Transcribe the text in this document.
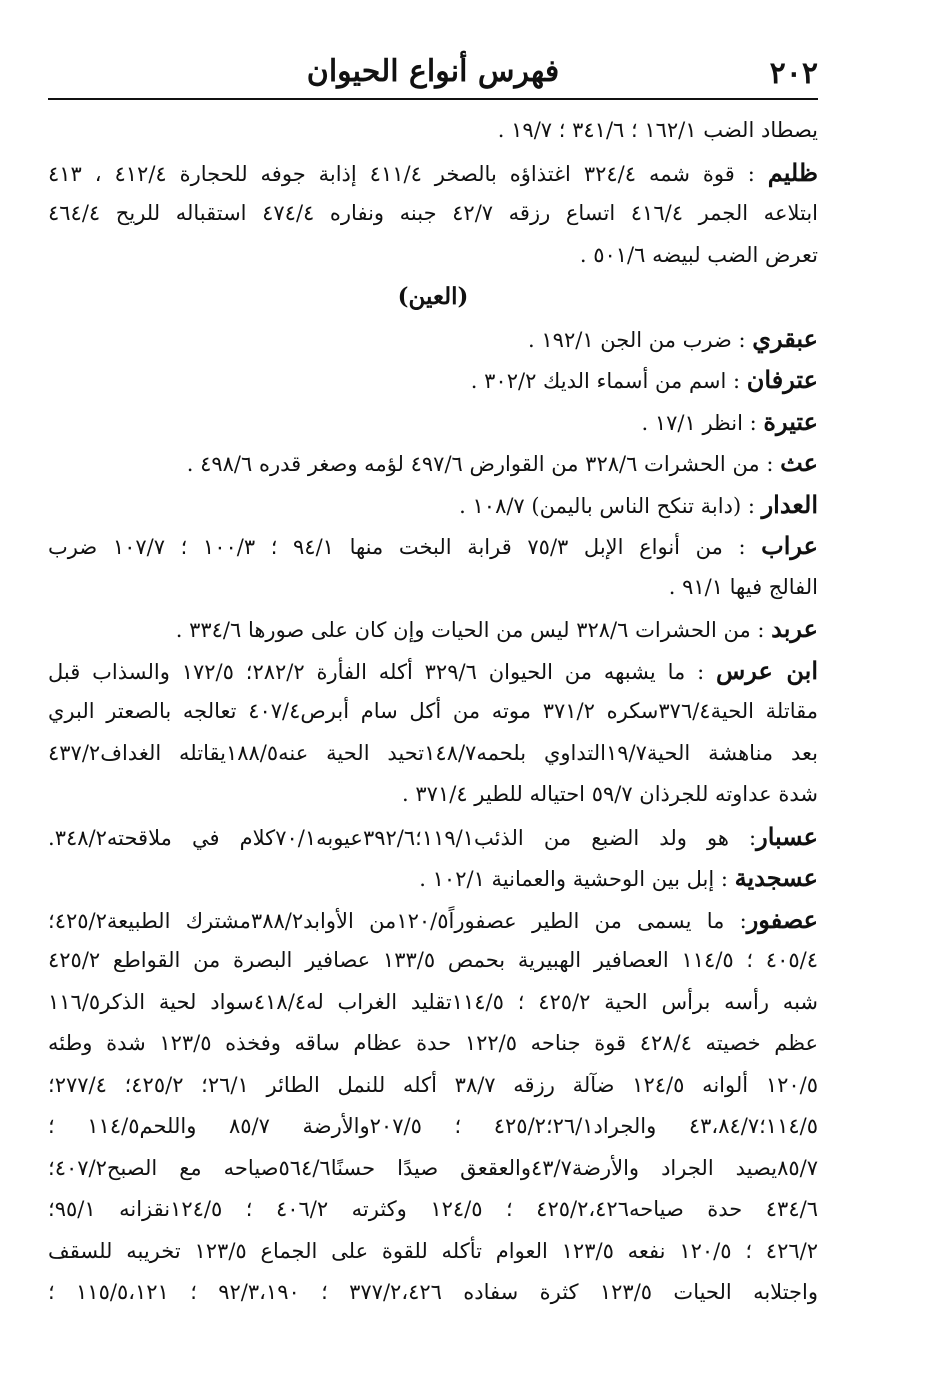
٢٠٢
فهرس أنواع الحيوان
يصطاد الضب ١٦٢/١ ؛ ٣٤١/٦ ؛ ١٩/٧ .
ظليم : قوة شمه ٣٢٤/٤ اغتذاؤه بالصخر ٤١١/٤ إذابة جوفه للحجارة ٤١٢/٤ ، ٤١٣
ابتلاعه الجمر ٤١٦/٤ اتساع رزقه ٤٢/٧ جبنه ونفاره ٤٧٤/٤ استقباله للريح ٤٦٤/٤
تعرض الضب لبيضه ٥٠١/٦ .
(العين)
عبقري : ضرب من الجن ١٩٢/١ .
عترفان : اسم من أسماء الديك ٣٠٢/٢ .
عتيرة : انظر ١٧/١ .
عث : من الحشرات ٣٢٨/٦ من القوارض ٤٩٧/٦ لؤمه وصغر قدره ٤٩٨/٦ .
العدار : (دابة تنكح الناس باليمن) ١٠٨/٧ .
عراب : من أنواع الإبل ٧٥/٣ قرابة البخت منها ٩٤/١ ؛ ١٠٠/٣ ؛ ١٠٧/٧ ضرب
الفالج فيها ٩١/١ .
عربد : من الحشرات ٣٢٨/٦ ليس من الحيات وإن كان على صورها ٣٣٤/٦ .
ابن عرس : ما يشبهه من الحيوان ٣٢٩/٦ أكله الفأرة ٢٨٢/٢؛ ١٧٢/٥ والسذاب قبل
مقاتلة الحية٣٧٦/٤سكره ٣٧١/٢ موته من أكل سام أبرص٤٠٧/٤ تعالجه بالصعتر البري
بعد مناهشة الحية١٩/٧التداوي بلحمه١٤٨/٧تحيد الحية عنه١٨٨/٥يقاتله الغداف٤٣٧/٢
شدة عداوته للجرذان ٥٩/٧ احتياله للطير ٣٧١/٤ .
عسبار: هو ولد الضبع من الذئب١١٩/١؛٣٩٢/٦عيوبه٧٠/١كلام في ملاقحته٣٤٨/٢.
عسجدية : إبل بين الوحشية والعمانية ١٠٢/١ .
عصفور: ما يسمى من الطير عصفوراً١٢٠/٥من الأوابد٣٨٨/٢مشترك الطبيعة٤٢٥/٢؛
٤٠٥/٤ ؛ ١١٤/٥ العصافير الهبيرية بحمص ١٣٣/٥ عصافير البصرة من القواطع ٤٢٥/٢
شبه رأسه برأس الحية ٤٢٥/٢ ؛ ١١٤/٥تقليد الغراب له٤١٨/٤سواد لحية الذكر١١٦/٥
عظم خصيته ٤٢٨/٤ قوة جناحه ١٢٢/٥ حدة عظام ساقه وفخذه ١٢٣/٥ شدة وطئه
١٢٠/٥ ألوانه ١٢٤/٥ ضآلة رزقه ٣٨/٧ أكله للنمل الطائر ٢٦/١؛ ٤٢٥/٢؛ ٢٧٧/٤؛
١١٤/٥؛٤٣،٨٤/٧ والجراد٢٦/١؛٤٢٥/٢ ؛ ٢٠٧/٥والأرضة ٨٥/٧ واللحم١١٤/٥ ؛
٨٥/٧يصيد الجراد والأرضة٤٣/٧والعقعق صيدًا حسنًا٥٦٤/٦صياحه مع الصبح٤٠٧/٢؛
٤٣٤/٦ حدة صياحه٤٢٥/٢،٤٢٦ ؛ ١٢٤/٥ وكثرته ٤٠٦/٢ ؛ ١٢٤/٥نقزانه ٩٥/١؛
٤٢٦/٢ ؛ ١٢٠/٥ نفعه ١٢٣/٥ العوام تأكله للقوة على الجماع ١٢٣/٥ تخريبه للسقف
واجتلابه الحيات ١٢٣/٥ كثرة سفاده ٣٧٧/٢،٤٢٦ ؛ ٩٢/٣،١٩٠ ؛ ١١٥/٥،١٢١ ؛
